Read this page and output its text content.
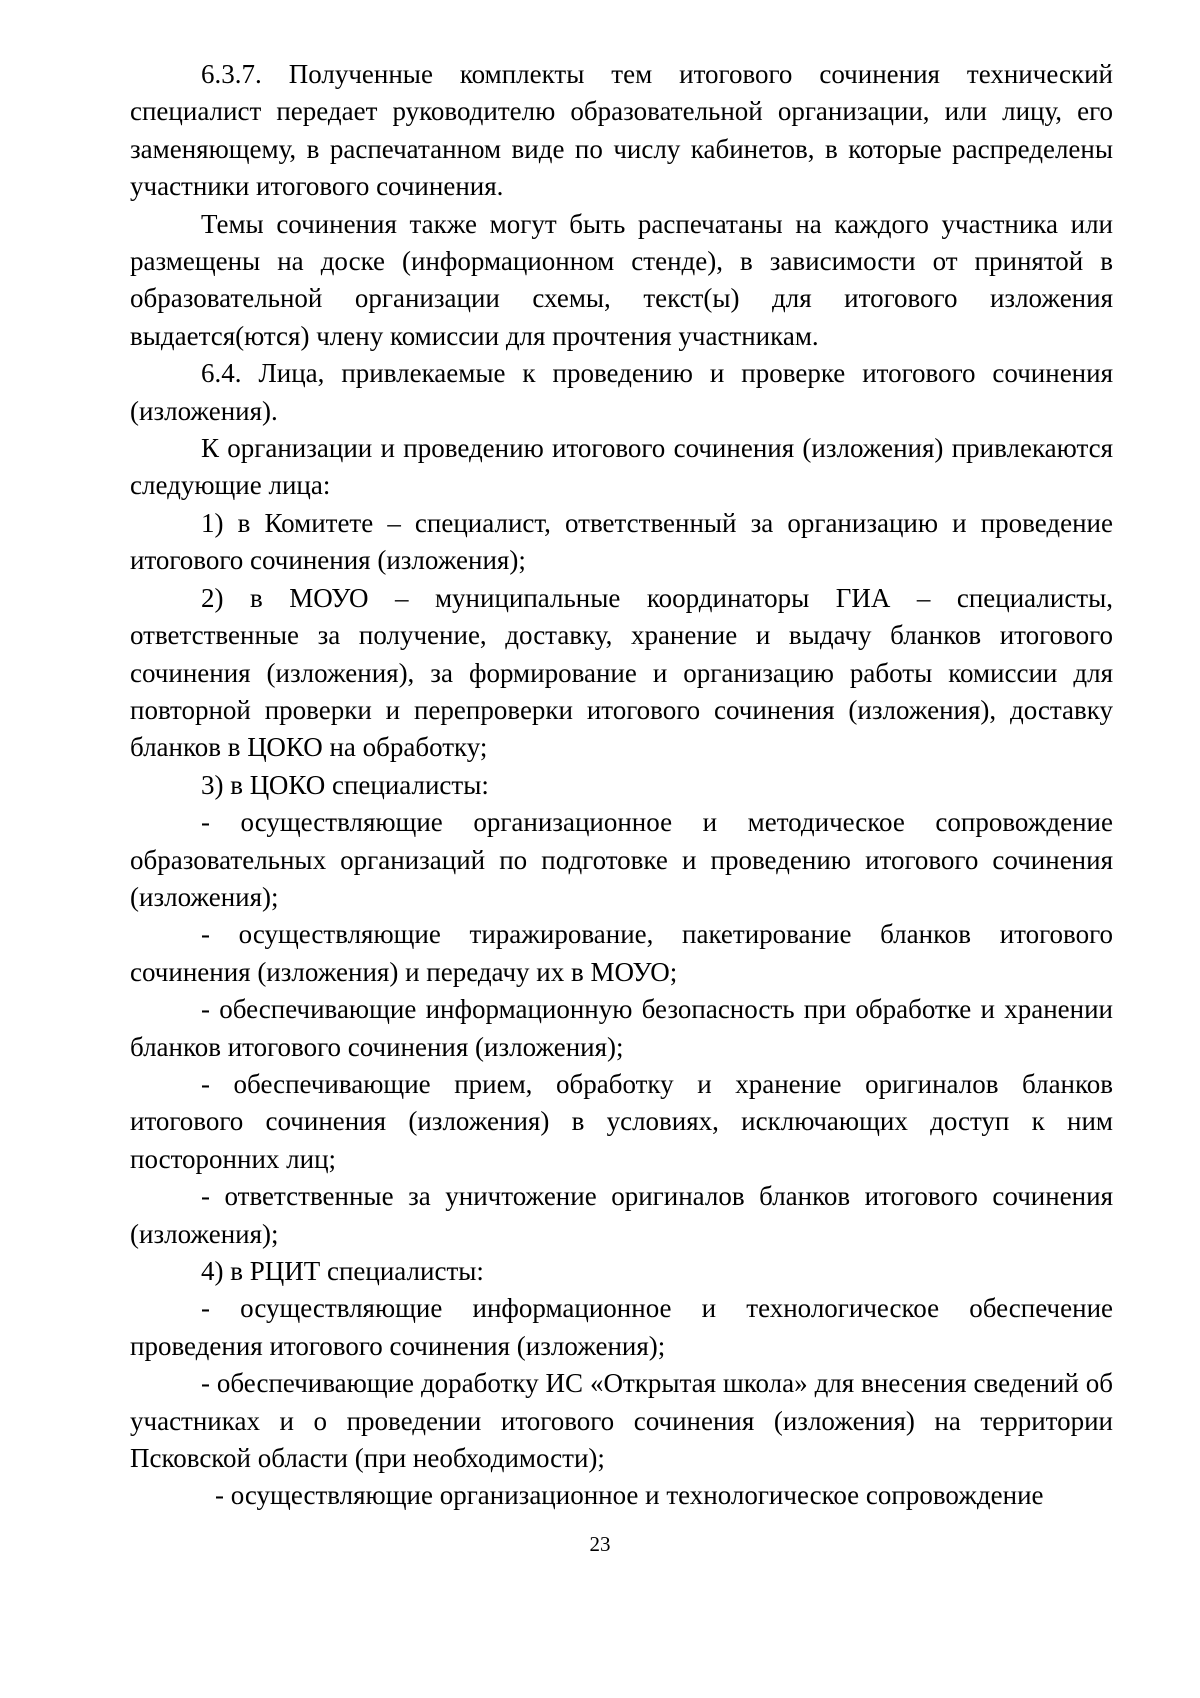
6.3.7. Полученные комплекты тем итогового сочинения технический специалист передает руководителю образовательной организации, или лицу, его заменяющему, в распечатанном виде по числу кабинетов, в которые распределены участники итогового сочинения.

Темы сочинения также могут быть распечатаны на каждого участника или размещены на доске (информационном стенде), в зависимости от принятой в образовательной организации схемы, текст(ы) для итогового изложения выдается(ются) члену комиссии для прочтения участникам.

6.4. Лица, привлекаемые к проведению и проверке итогового сочинения (изложения).

К организации и проведению итогового сочинения (изложения) привлекаются следующие лица:

1) в Комитете – специалист, ответственный за организацию и проведение итогового сочинения (изложения);

2) в МОУО – муниципальные координаторы ГИА – специалисты, ответственные за получение, доставку, хранение и выдачу бланков итогового сочинения (изложения), за формирование и организацию работы комиссии для повторной проверки и перепроверки итогового сочинения (изложения), доставку бланков в ЦОКО на обработку;

3) в ЦОКО специалисты:

- осуществляющие организационное и методическое сопровождение образовательных организаций по подготовке и проведению итогового сочинения (изложения);

- осуществляющие тиражирование, пакетирование бланков итогового сочинения (изложения) и передачу их в МОУО;

- обеспечивающие информационную безопасность при обработке и хранении бланков итогового сочинения (изложения);

- обеспечивающие прием, обработку и хранение оригиналов бланков итогового сочинения (изложения) в условиях, исключающих доступ к ним посторонних лиц;

- ответственные за уничтожение оригиналов бланков итогового сочинения (изложения);

4) в РЦИТ специалисты:

- осуществляющие информационное и технологическое обеспечение проведения итогового сочинения (изложения);

- обеспечивающие доработку ИС «Открытая школа» для внесения сведений об участниках и о проведении итогового сочинения (изложения) на территории Псковской области (при необходимости);

- осуществляющие организационное и технологическое сопровождение

23
